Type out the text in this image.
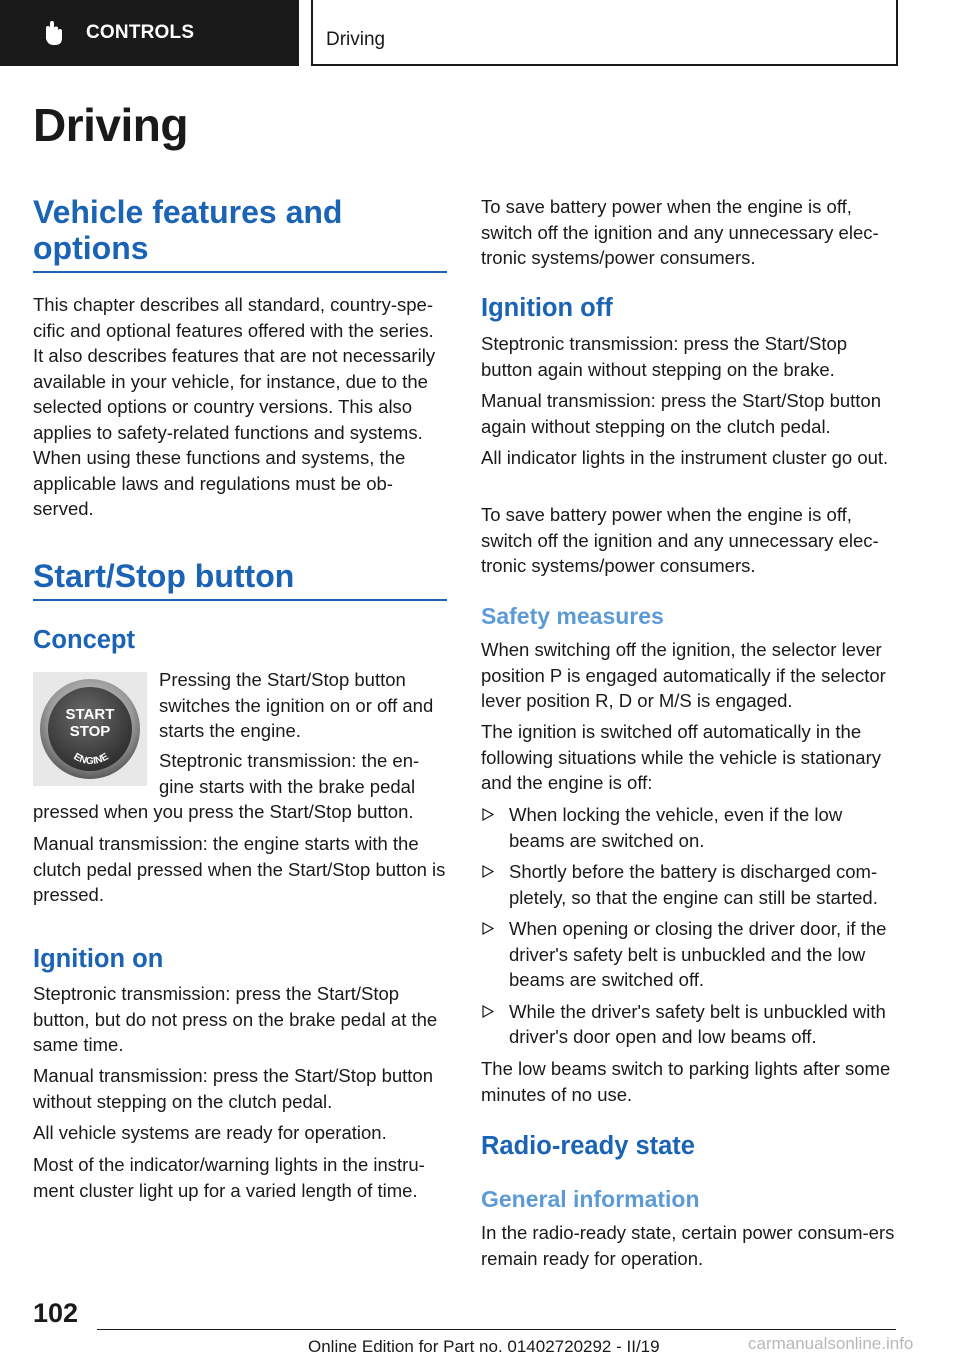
CONTROLS	Driving
Driving
Vehicle features and options

This chapter describes all standard, country-spe-cific and optional features offered with the series. It also describes features that are not necessarily available in your vehicle, for instance, due to the selected options or country versions. This also applies to safety-related functions and systems. When using these functions and systems, the applicable laws and regulations must be ob-served.

Start/Stop button
Concept

Pressing the Start/Stop button switches the ignition on or off and starts the engine.

Steptronic transmission: the en-gine starts with the brake pedal

pressed when you press the Start/Stop button.

Manual transmission: the engine starts with the clutch pedal pressed when the Start/Stop button is pressed.

Ignition on

Steptronic transmission: press the Start/Stop button, but do not press on the brake pedal at the same time.

Manual transmission: press the Start/Stop button without stepping on the clutch pedal.

All vehicle systems are ready for operation.

Most of the indicator/warning lights in the instru-ment cluster light up for a varied length of time.

START
STOP
ENGINE

To save battery power when the engine is off, switch off the ignition and any unnecessary elec-tronic systems/power consumers.

Ignition off

Steptronic transmission: press the Start/Stop button again without stepping on the brake.

Manual transmission: press the Start/Stop button again without stepping on the clutch pedal.

All indicator lights in the instrument cluster go out.

To save battery power when the engine is off, switch off the ignition and any unnecessary elec-tronic systems/power consumers.

Safety measures

When switching off the ignition, the selector lever position P is engaged automatically if the selector lever position R, D or M/S is engaged.

The ignition is switched off automatically in the following situations while the vehicle is stationary and the engine is off:

When locking the vehicle, even if the low beams are switched on.
Shortly before the battery is discharged com-pletely, so that the engine can still be started.
When opening or closing the driver door, if the driver's safety belt is unbuckled and the low beams are switched off.
While the driver's safety belt is unbuckled with driver's door open and low beams off.

The low beams switch to parking lights after some minutes of no use.

Radio-ready state
General information

In the radio-ready state, certain power consum-ers remain ready for operation.

102
Online Edition for Part no. 01402720292 - II/19	carmanualsonline.info
